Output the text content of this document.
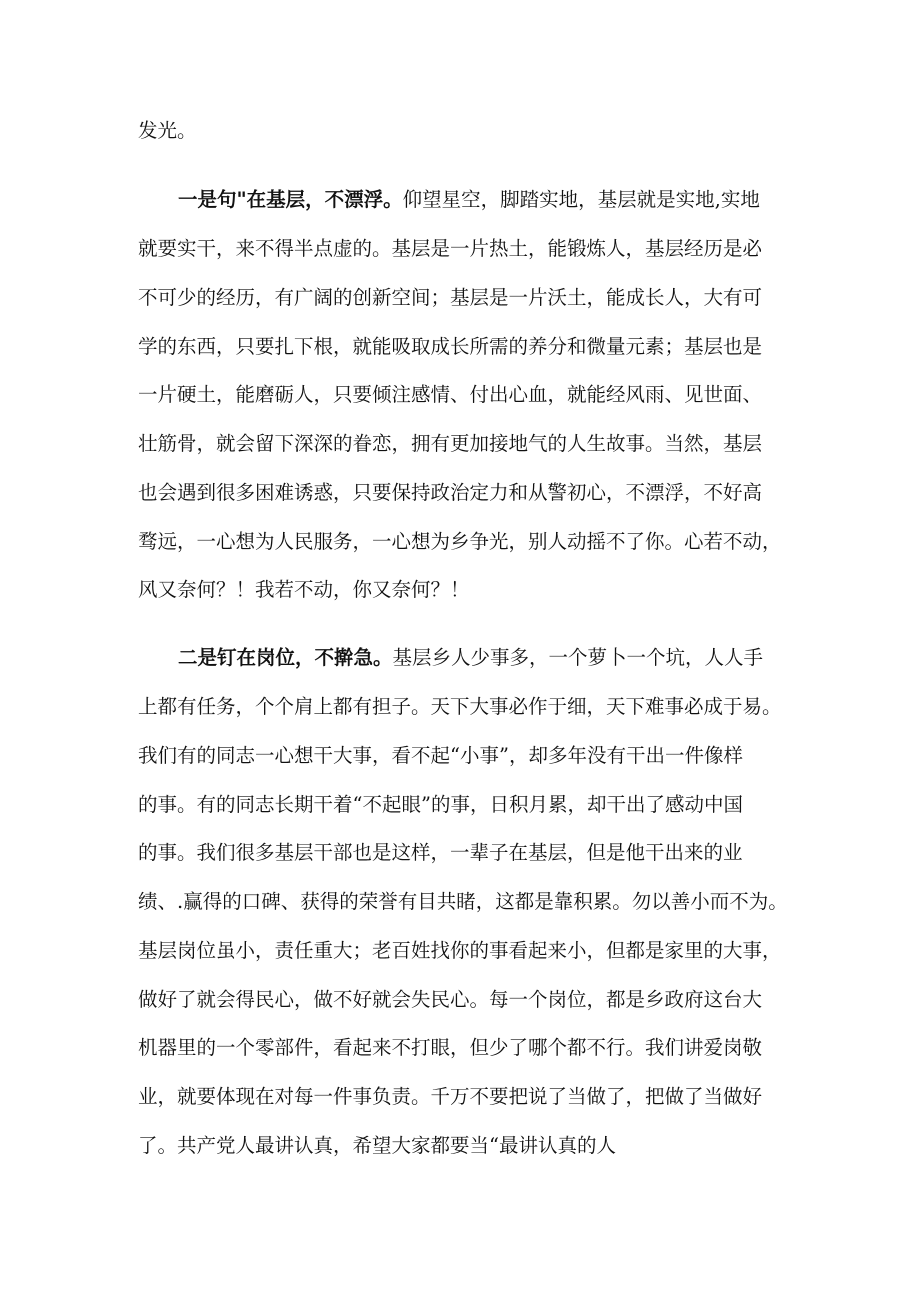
发光。
一是句"在基层，不漂浮。仰望星空，脚踏实地，基层就是实地,实地
就要实干，来不得半点虚的。基层是一片热土，能锻炼人，基层经历是必
不可少的经历，有广阔的创新空间；基层是一片沃土，能成长人，大有可
学的东西，只要扎下根，就能吸取成长所需的养分和微量元素；基层也是
一片硬土，能磨砺人，只要倾注感情、付出心血，就能经风雨、见世面、
壮筋骨，就会留下深深的眷恋，拥有更加接地气的人生故事。当然，基层
也会遇到很多困难诱惑，只要保持政治定力和从警初心，不漂浮，不好高
骛远，一心想为人民服务，一心想为乡争光，别人动摇不了你。心若不动，
风又奈何？！我若不动，你又奈何？！
二是钉在岗位，不擀急。基层乡人少事多，一个萝卜一个坑，人人手
上都有任务，个个肩上都有担子。天下大事必作于细，天下难事必成于易。
我们有的同志一心想干大事，看不起“小事”，却多年没有干出一件像样
的事。有的同志长期干着“不起眼”的事，日积月累，却干出了感动中国
的事。我们很多基层干部也是这样，一辈子在基层，但是他干出来的业
绩、.赢得的口碑、获得的荣誉有目共睹，这都是靠积累。勿以善小而不为。
基层岗位虽小，责任重大；老百姓找你的事看起来小，但都是家里的大事，
做好了就会得民心，做不好就会失民心。每一个岗位，都是乡政府这台大
机器里的一个零部件，看起来不打眼，但少了哪个都不行。我们讲爱岗敬
业，就要体现在对每一件事负责。千万不要把说了当做了，把做了当做好
了。共产党人最讲认真，希望大家都要当“最讲认真的人
